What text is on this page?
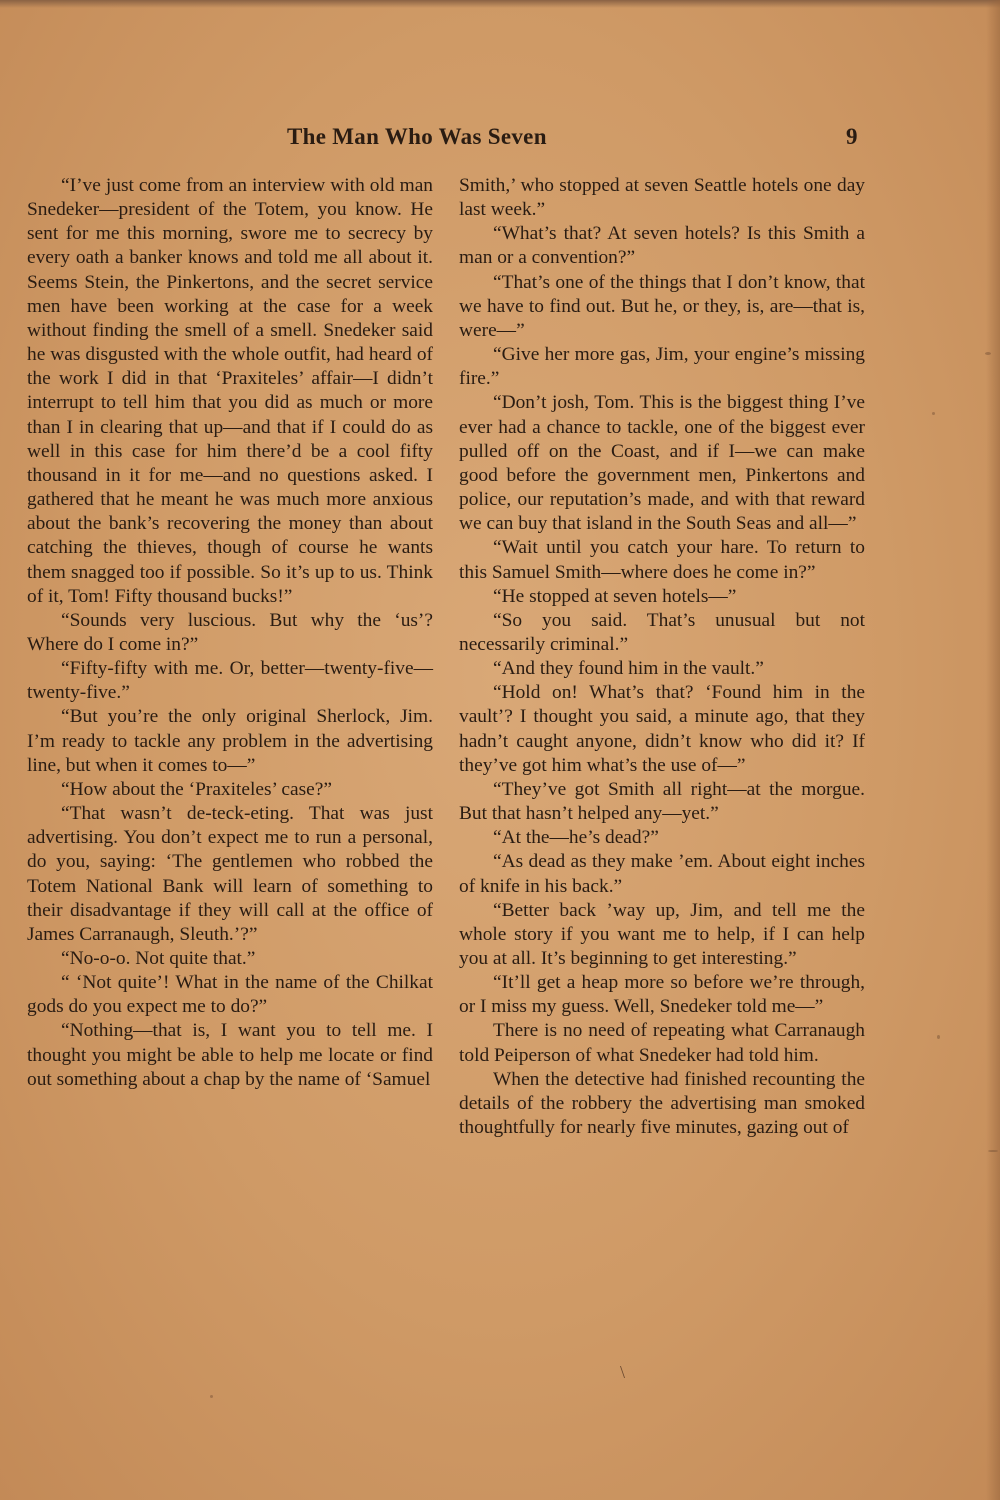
The Man Who Was Seven	9

“I’ve just come from an interview with old man Snedeker—president of the Totem, you know. He sent for me this morning, swore me to secrecy by every oath a banker knows and told me all about it. Seems Stein, the Pinkertons, and the secret service men have been working at the case for a week without finding the smell of a smell. Snedeker said he was disgusted with the whole outfit, had heard of the work I did in that ‘Praxiteles’ affair—I didn’t interrupt to tell him that you did as much or more than I in clearing that up—and that if I could do as well in this case for him there’d be a cool fifty thousand in it for me—and no questions asked. I gathered that he meant he was much more anxious about the bank’s recovering the money than about catching the thieves, though of course he wants them snagged too if possible. So it’s up to us. Think of it, Tom! Fifty thousand bucks!”

“Sounds very luscious. But why the ‘us’? Where do I come in?”

“Fifty-fifty with me. Or, better—twenty-five—twenty-five.”

“But you’re the only original Sherlock, Jim. I’m ready to tackle any problem in the advertising line, but when it comes to—”

“How about the ‘Praxiteles’ case?”

“That wasn’t de-teck-eting. That was just advertising. You don’t expect me to run a personal, do you, saying: ‘The gentlemen who robbed the Totem National Bank will learn of something to their disadvantage if they will call at the office of James Carranaugh, Sleuth.’?”

“No-o-o. Not quite that.”

“ ‘Not quite’! What in the name of the Chilkat gods do you expect me to do?”

“Nothing—that is, I want you to tell me. I thought you might be able to help me locate or find out something about a chap by the name of ‘Samuel

Smith,’ who stopped at seven Seattle hotels one day last week.”

“What’s that? At seven hotels? Is this Smith a man or a convention?”

“That’s one of the things that I don’t know, that we have to find out. But he, or they, is, are—that is, were—”

“Give her more gas, Jim, your engine’s missing fire.”

“Don’t josh, Tom. This is the biggest thing I’ve ever had a chance to tackle, one of the biggest ever pulled off on the Coast, and if I—we can make good before the government men, Pinkertons and police, our reputation’s made, and with that reward we can buy that island in the South Seas and all—”

“Wait until you catch your hare. To return to this Samuel Smith—where does he come in?”

“He stopped at seven hotels—”

“So you said. That’s unusual but not necessarily criminal.”

“And they found him in the vault.”

“Hold on! What’s that? ‘Found him in the vault’? I thought you said, a minute ago, that they hadn’t caught anyone, didn’t know who did it? If they’ve got him what’s the use of—”

“They’ve got Smith all right—at the morgue. But that hasn’t helped any—yet.”

“At the—he’s dead?”

“As dead as they make ’em. About eight inches of knife in his back.”

“Better back ’way up, Jim, and tell me the whole story if you want me to help, if I can help you at all. It’s beginning to get interesting.”

“It’ll get a heap more so before we’re through, or I miss my guess. Well, Snedeker told me—”

There is no need of repeating what Carranaugh told Peiperson of what Snedeker had told him.

When the detective had finished recounting the details of the robbery the advertising man smoked thoughtfully for nearly five minutes, gazing out of

\
